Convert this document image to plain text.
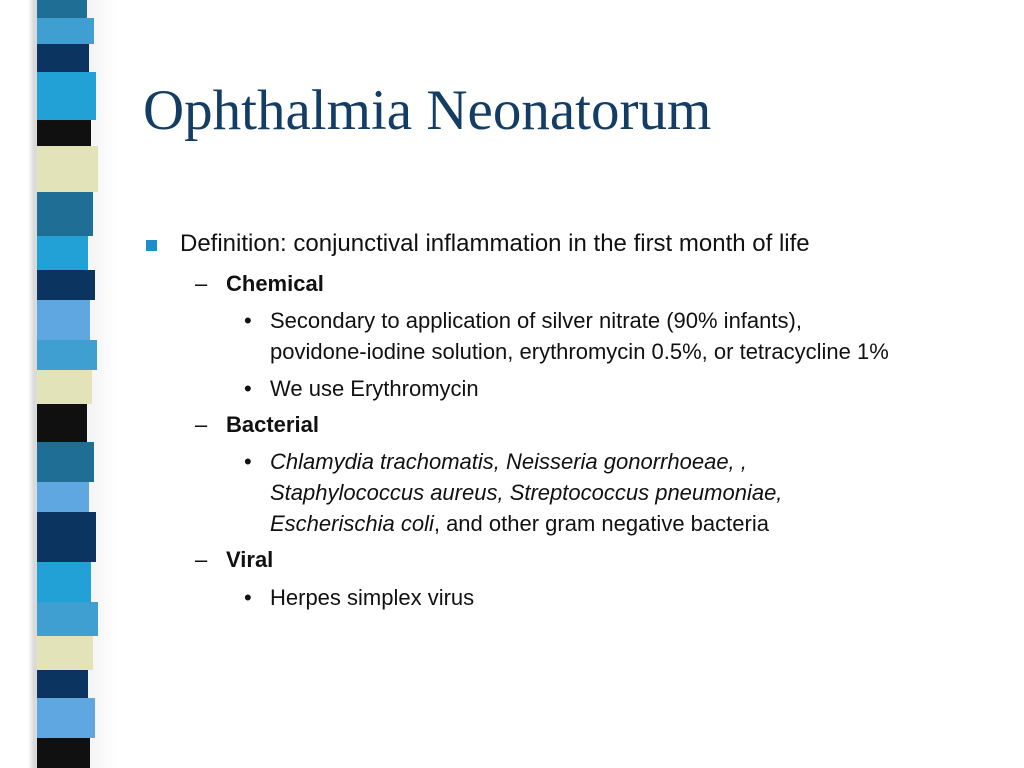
Ophthalmia Neonatorum
Definition: conjunctival inflammation in the first month of life
– Chemical
• Secondary to application of silver nitrate (90% infants),
povidone-iodine solution, erythromycin 0.5%, or tetracycline 1%
• We use Erythromycin
– Bacterial
• Chlamydia trachomatis, Neisseria gonorrhoeae, ,
Staphylococcus aureus, Streptococcus pneumoniae,
Escherischia coli, and other gram negative bacteria
– Viral
• Herpes simplex virus
